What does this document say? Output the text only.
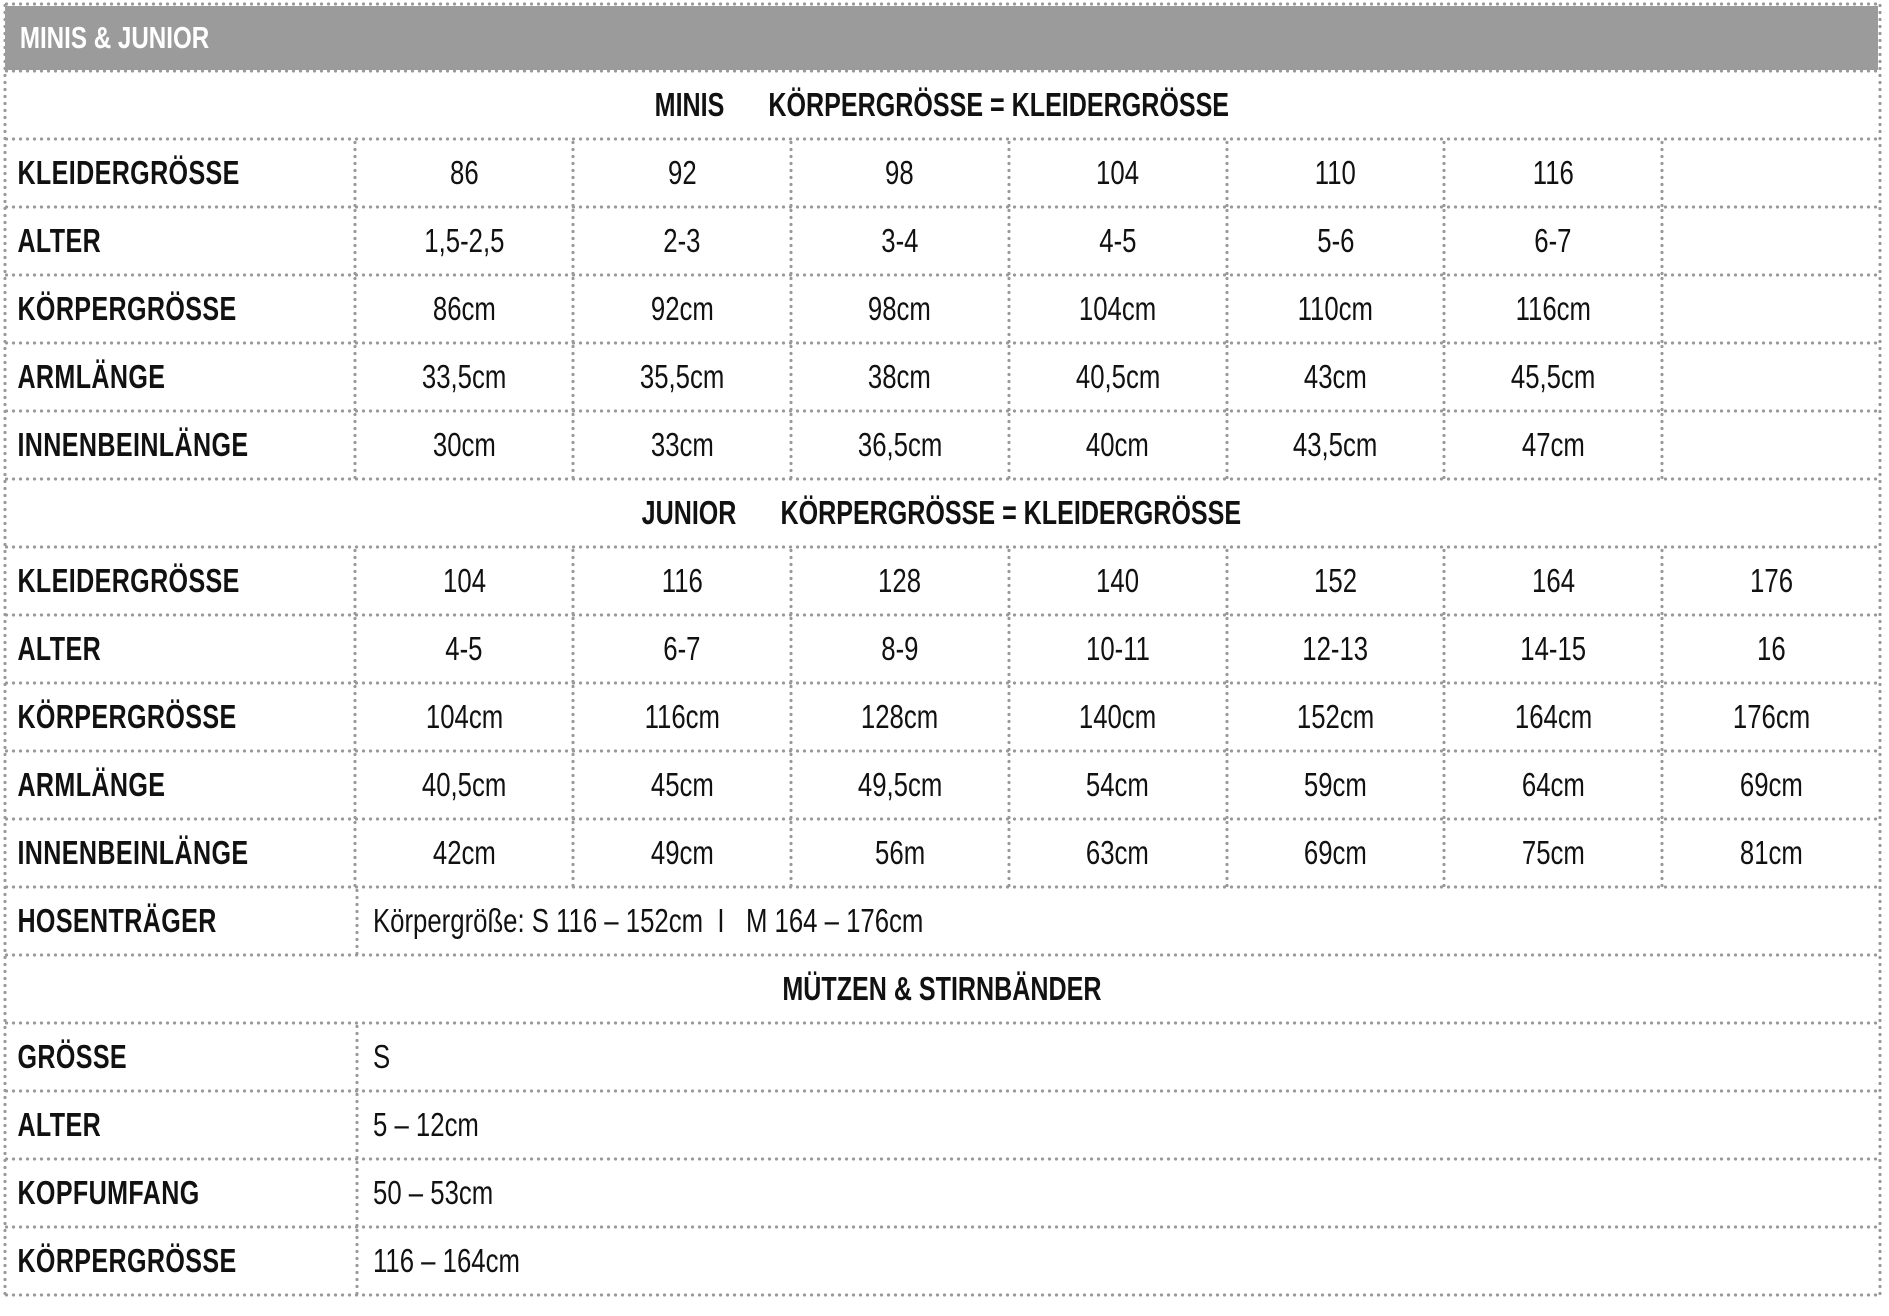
MINIS & JUNIOR
MINIS KÖRPERGRÖSSE = KLEIDERGRÖSSE
KLEIDERGRÖSSE	86	92	98	104	110	116
ALTER	1,5-2,5	2-3	3-4	4-5	5-6	6-7
KÖRPERGRÖSSE	86cm	92cm	98cm	104cm	110cm	116cm
ARMLÄNGE	33,5cm	35,5cm	38cm	40,5cm	43cm	45,5cm
INNENBEINLÄNGE	30cm	33cm	36,5cm	40cm	43,5cm	47cm
JUNIOR KÖRPERGRÖSSE = KLEIDERGRÖSSE
KLEIDERGRÖSSE	104	116	128	140	152	164	176
ALTER	4-5	6-7	8-9	10-11	12-13	14-15	16
KÖRPERGRÖSSE	104cm	116cm	128cm	140cm	152cm	164cm	176cm
ARMLÄNGE	40,5cm	45cm	49,5cm	54cm	59cm	64cm	69cm
INNENBEINLÄNGE	42cm	49cm	56m	63cm	69cm	75cm	81cm
HOSENTRÄGER	Körpergröße: S 116 – 152cm  I   M 164 – 176cm
MÜTZEN & STIRNBÄNDER
GRÖSSE	S
ALTER	5 – 12cm
KOPFUMFANG	50 – 53cm
KÖRPERGRÖSSE	116 – 164cm
